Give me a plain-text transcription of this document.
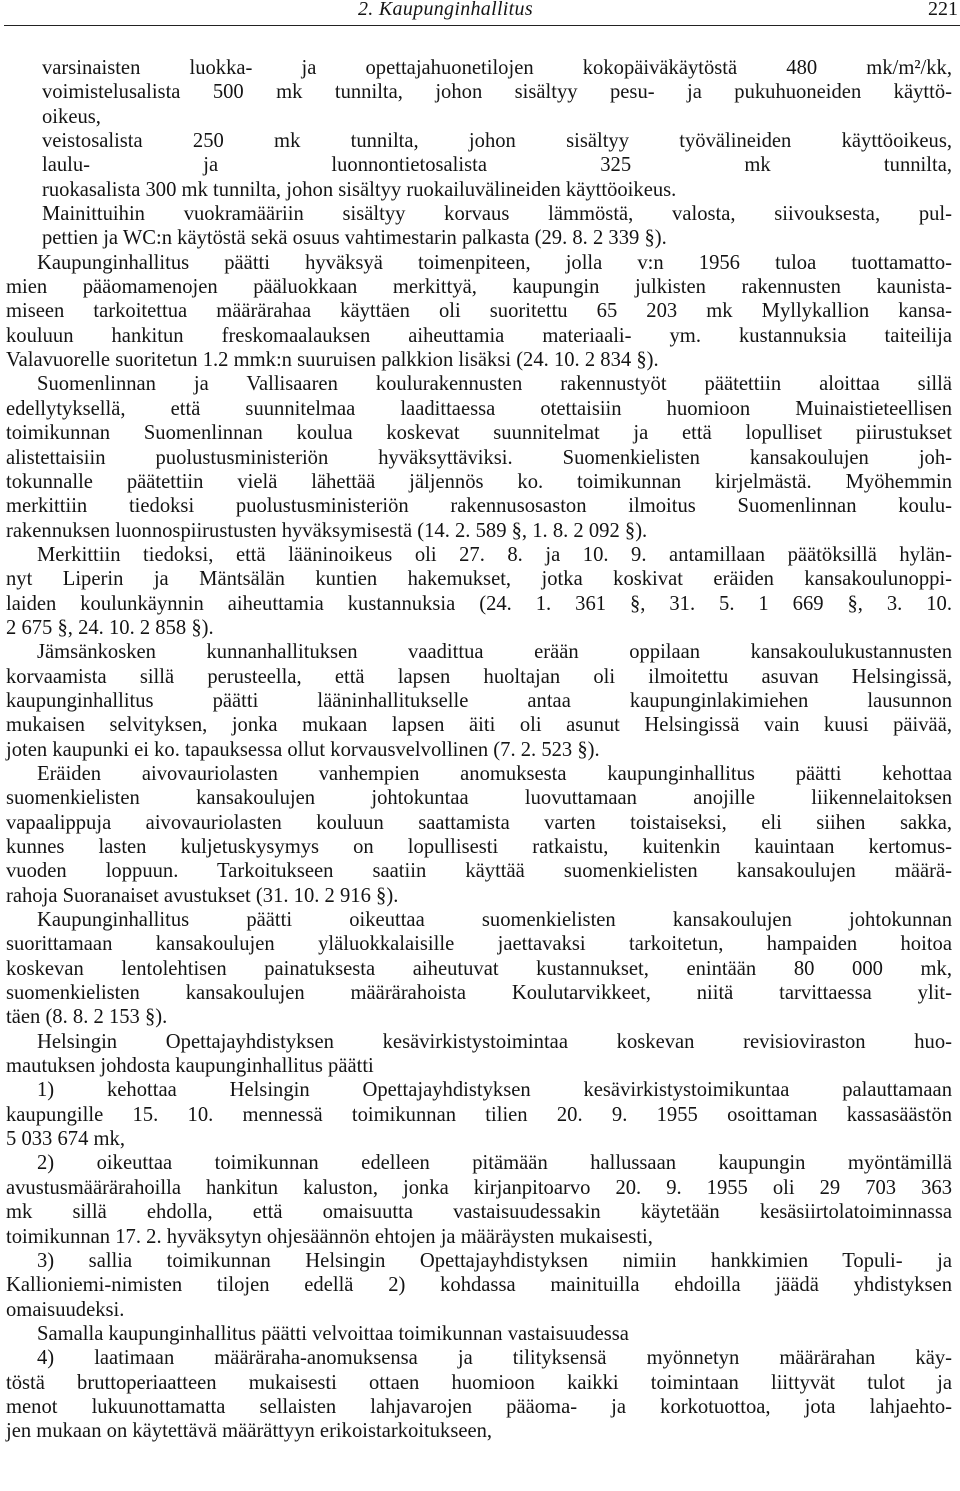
2. Kaupunginhallitus	221
varsinaisten luokka- ja opettajahuonetilojen kokopäiväkäytöstä 480 mk/m²/kk,
voimistelusalista 500 mk tunnilta, johon sisältyy pesu- ja pukuhuoneiden käyttö-
oikeus,
veistosalista 250 mk tunnilta, johon sisältyy työvälineiden käyttöoikeus,
laulu- ja luonnontietosalista 325 mk tunnilta,
ruokasalista 300 mk tunnilta, johon sisältyy ruokailuvälineiden käyttöoikeus.
Mainittuihin vuokramääriin sisältyy korvaus lämmöstä, valosta, siivouksesta, pul-
pettien ja WC:n käytöstä sekä osuus vahtimestarin palkasta (29. 8. 2 339 §).
Kaupunginhallitus päätti hyväksyä toimenpiteen, jolla v:n 1956 tuloa tuottamatto-
mien pääomamenojen pääluokkaan merkittyä, kaupungin julkisten rakennusten kaunista-
miseen tarkoitettua määrärahaa käyttäen oli suoritettu 65 203 mk Myllykallion kansa-
kouluun hankitun freskomaalauksen aiheuttamia materiaali- ym. kustannuksia taiteilija
Valavuorelle suoritetun 1.2 mmk:n suuruisen palkkion lisäksi (24. 10. 2 834 §).
Suomenlinnan ja Vallisaaren koulurakennusten rakennustyöt päätettiin aloittaa sillä
edellytyksellä, että suunnitelmaa laadittaessa otettaisiin huomioon Muinaistieteellisen
toimikunnan Suomenlinnan koulua koskevat suunnitelmat ja että lopulliset piirustukset
alistettaisiin puolustusministeriön hyväksyttäviksi. Suomenkielisten kansakoulujen joh-
tokunnalle päätettiin vielä lähettää jäljennös ko. toimikunnan kirjelmästä. Myöhemmin
merkittiin tiedoksi puolustusministeriön rakennusosaston ilmoitus Suomenlinnan koulu-
rakennuksen luonnospiirustusten hyväksymisestä (14. 2. 589 §, 1. 8. 2 092 §).
Merkittiin tiedoksi, että lääninoikeus oli 27. 8. ja 10. 9. antamillaan päätöksillä hylän-
nyt Liperin ja Mäntsälän kuntien hakemukset, jotka koskivat eräiden kansakoulunoppi-
laiden koulunkäynnin aiheuttamia kustannuksia (24. 1. 361 §, 31. 5. 1 669 §, 3. 10.
2 675 §, 24. 10. 2 858 §).
Jämsänkosken kunnanhallituksen vaadittua erään oppilaan kansakoulukustannusten
korvaamista sillä perusteella, että lapsen huoltajan oli ilmoitettu asuvan Helsingissä,
kaupunginhallitus päätti lääninhallitukselle antaa kaupunginlakimiehen lausunnon
mukaisen selvityksen, jonka mukaan lapsen äiti oli asunut Helsingissä vain kuusi päivää,
joten kaupunki ei ko. tapauksessa ollut korvausvelvollinen (7. 2. 523 §).
Eräiden aivovauriolasten vanhempien anomuksesta kaupunginhallitus päätti kehottaa
suomenkielisten kansakoulujen johtokuntaa luovuttamaan anojille liikennelaitoksen
vapaalippuja aivovauriolasten kouluun saattamista varten toistaiseksi, eli siihen sakka,
kunnes lasten kuljetuskysymys on lopullisesti ratkaistu, kuitenkin kauintaan kertomus-
vuoden loppuun. Tarkoitukseen saatiin käyttää suomenkielisten kansakoulujen määrä-
rahoja Suoranaiset avustukset (31. 10. 2 916 §).
Kaupunginhallitus päätti oikeuttaa suomenkielisten kansakoulujen johtokunnan
suorittamaan kansakoulujen yläluokkalaisille jaettavaksi tarkoitetun, hampaiden hoitoa
koskevan lentolehtisen painatuksesta aiheutuvat kustannukset, enintään 80 000 mk,
suomenkielisten kansakoulujen määrärahoista Koulutarvikkeet, niitä tarvittaessa ylit-
täen (8. 8. 2 153 §).
Helsingin Opettajayhdistyksen kesävirkistystoimintaa koskevan revisioviraston huo-
mautuksen johdosta kaupunginhallitus päätti
1) kehottaa Helsingin Opettajayhdistyksen kesävirkistystoimikuntaa palauttamaan
kaupungille 15. 10. mennessä toimikunnan tilien 20. 9. 1955 osoittaman kassasäästön
5 033 674 mk,
2) oikeuttaa toimikunnan edelleen pitämään hallussaan kaupungin myöntämillä
avustusmäärärahoilla hankitun kaluston, jonka kirjanpitoarvo 20. 9. 1955 oli 29 703 363
mk sillä ehdolla, että omaisuutta vastaisuudessakin käytetään kesäsiirtolatoiminnassa
toimikunnan 17. 2. hyväksytyn ohjesäännön ehtojen ja määräysten mukaisesti,
3) sallia toimikunnan Helsingin Opettajayhdistyksen nimiin hankkimien Topuli- ja
Kallioniemi-nimisten tilojen edellä 2) kohdassa mainituilla ehdoilla jäädä yhdistyksen
omaisuudeksi.
Samalla kaupunginhallitus päätti velvoittaa toimikunnan vastaisuudessa
4) laatimaan määräraha-anomuksensa ja tilityksensä myönnetyn määrärahan käy-
töstä bruttoperiaatteen mukaisesti ottaen huomioon kaikki toimintaan liittyvät tulot ja
menot lukuunottamatta sellaisten lahjavarojen pääoma- ja korkotuottoa, jota lahjaehto-
jen mukaan on käytettävä määrättyyn erikoistarkoitukseen,
